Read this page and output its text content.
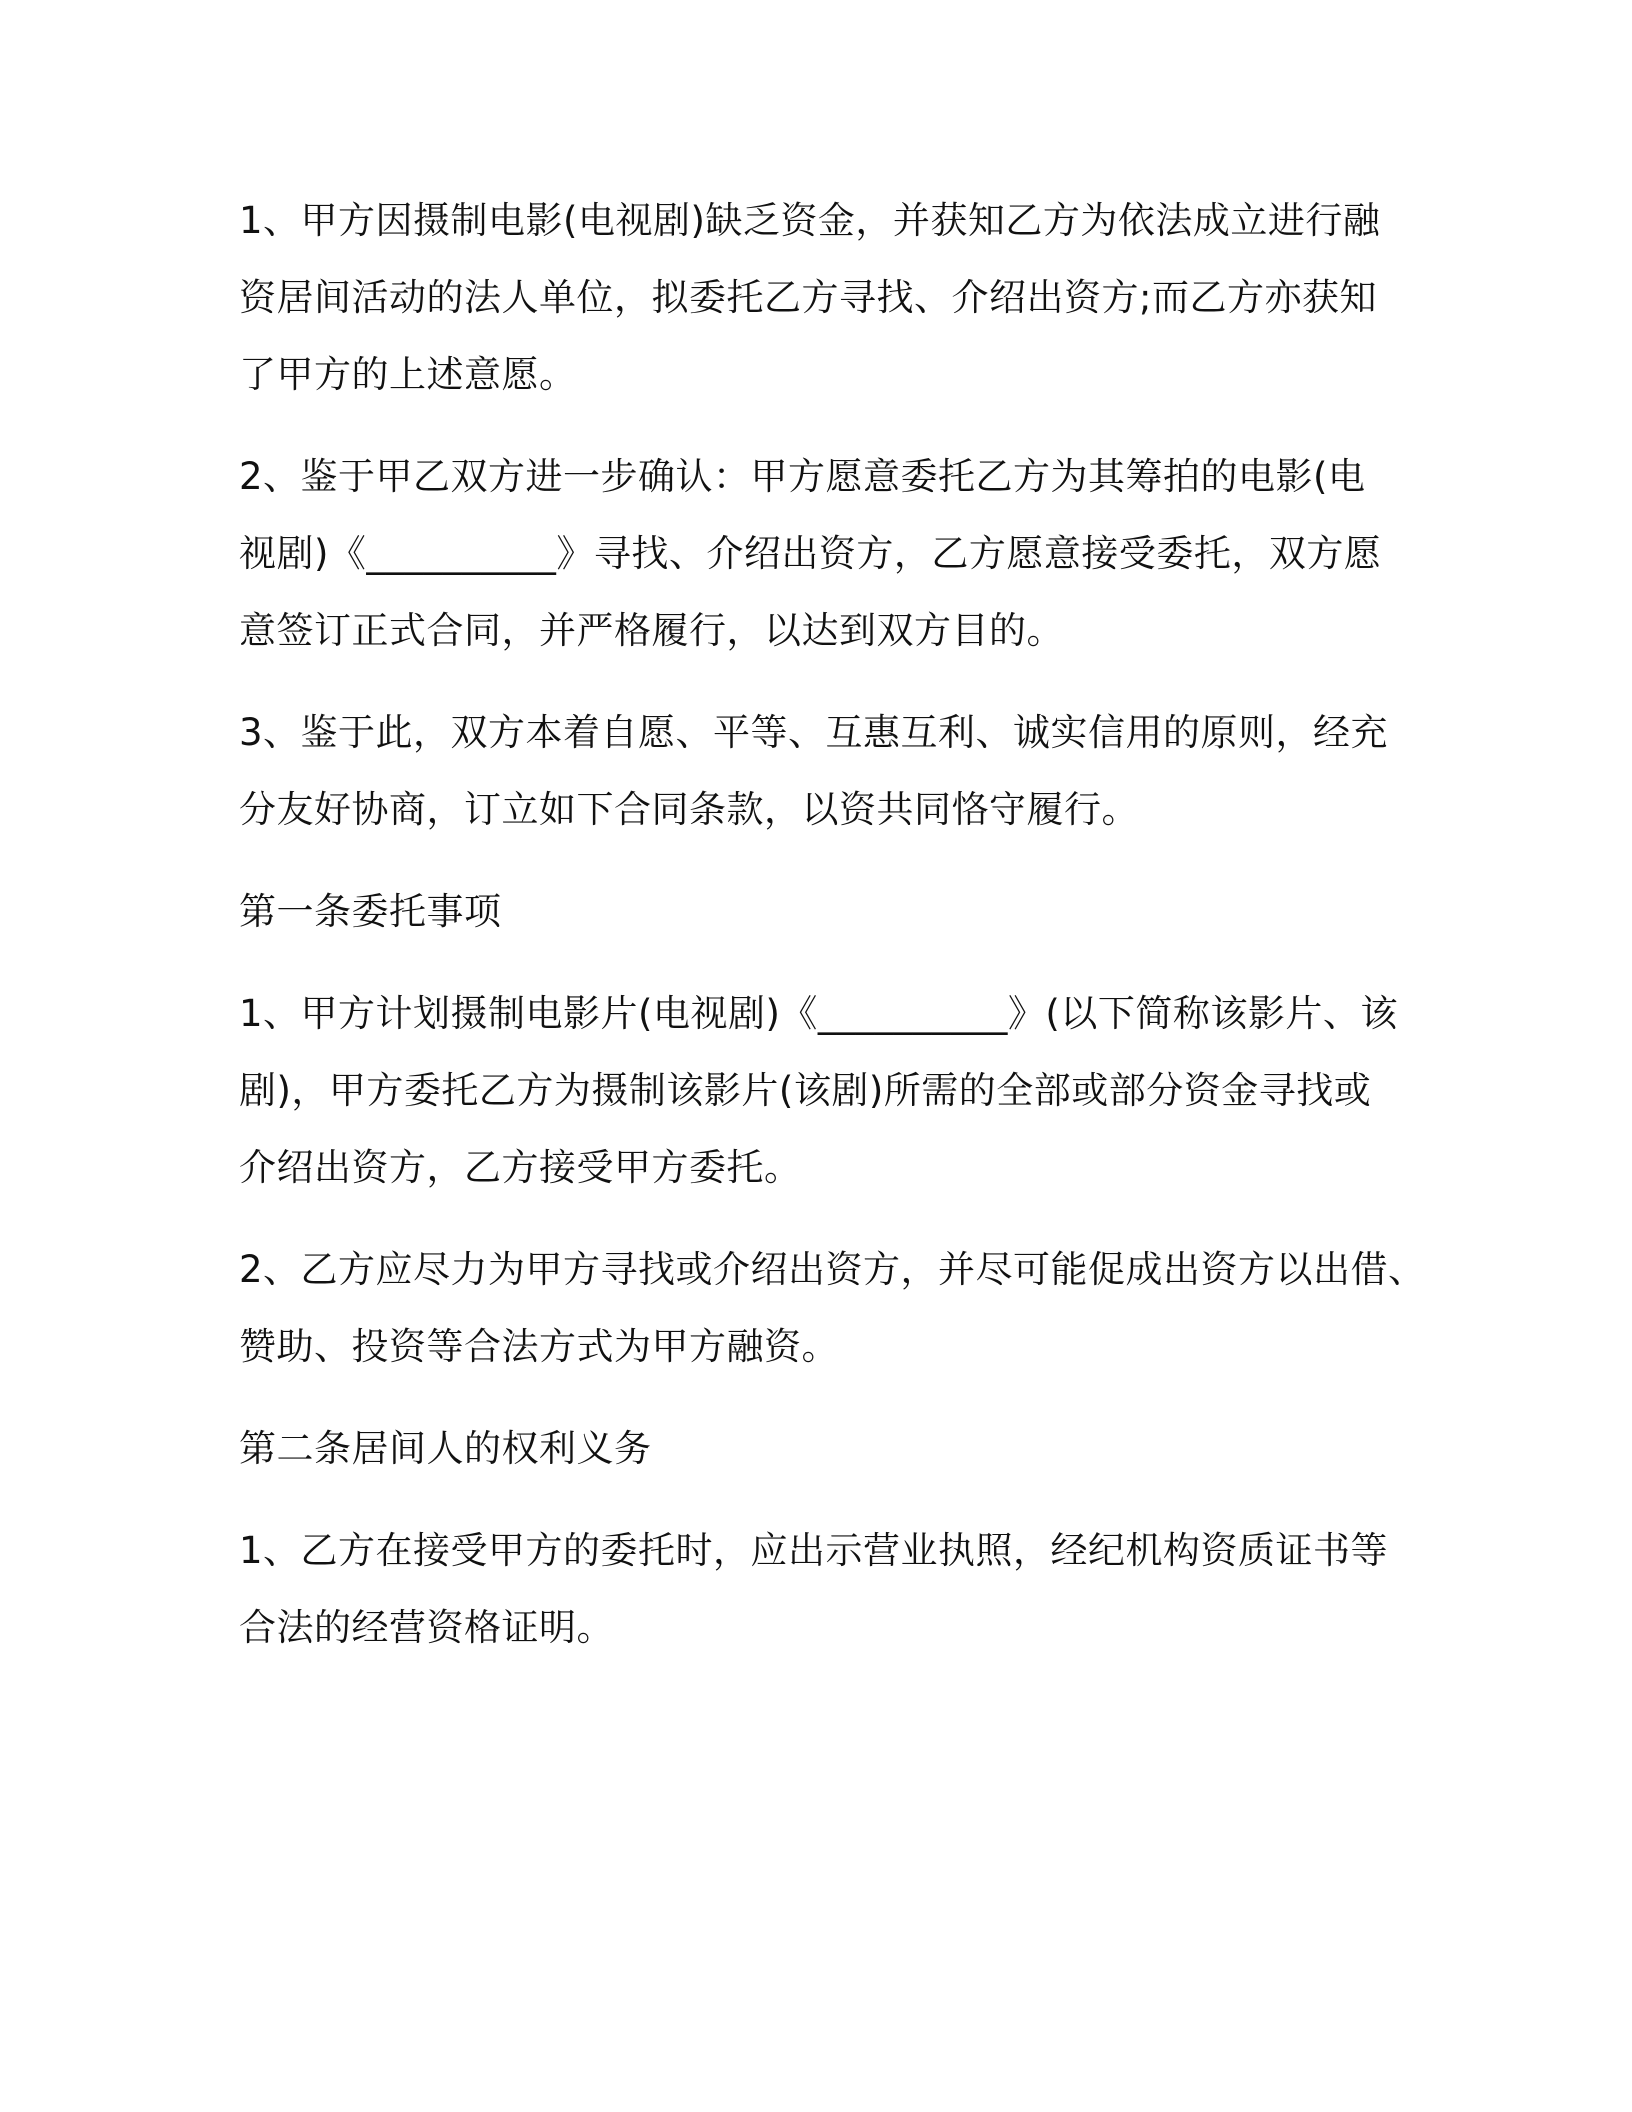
1、甲方因摄制电影(电视剧)缺乏资金，并获知乙方为依法成立进行融
资居间活动的法人单位，拟委托乙方寻找、介绍出资方;而乙方亦获知
了甲方的上述意愿。
2、鉴于甲乙双方进一步确认：甲方愿意委托乙方为其筹拍的电影(电
视剧)《__________》寻找、介绍出资方，乙方愿意接受委托，双方愿
意签订正式合同，并严格履行，以达到双方目的。
3、鉴于此，双方本着自愿、平等、互惠互利、诚实信用的原则，经充
分友好协商，订立如下合同条款，以资共同恪守履行。
第一条委托事项
1、甲方计划摄制电影片(电视剧)《__________》(以下简称该影片、该
剧)，甲方委托乙方为摄制该影片(该剧)所需的全部或部分资金寻找或
介绍出资方，乙方接受甲方委托。
2、乙方应尽力为甲方寻找或介绍出资方，并尽可能促成出资方以出借、
赞助、投资等合法方式为甲方融资。
第二条居间人的权利义务
1、乙方在接受甲方的委托时，应出示营业执照，经纪机构资质证书等
合法的经营资格证明。
